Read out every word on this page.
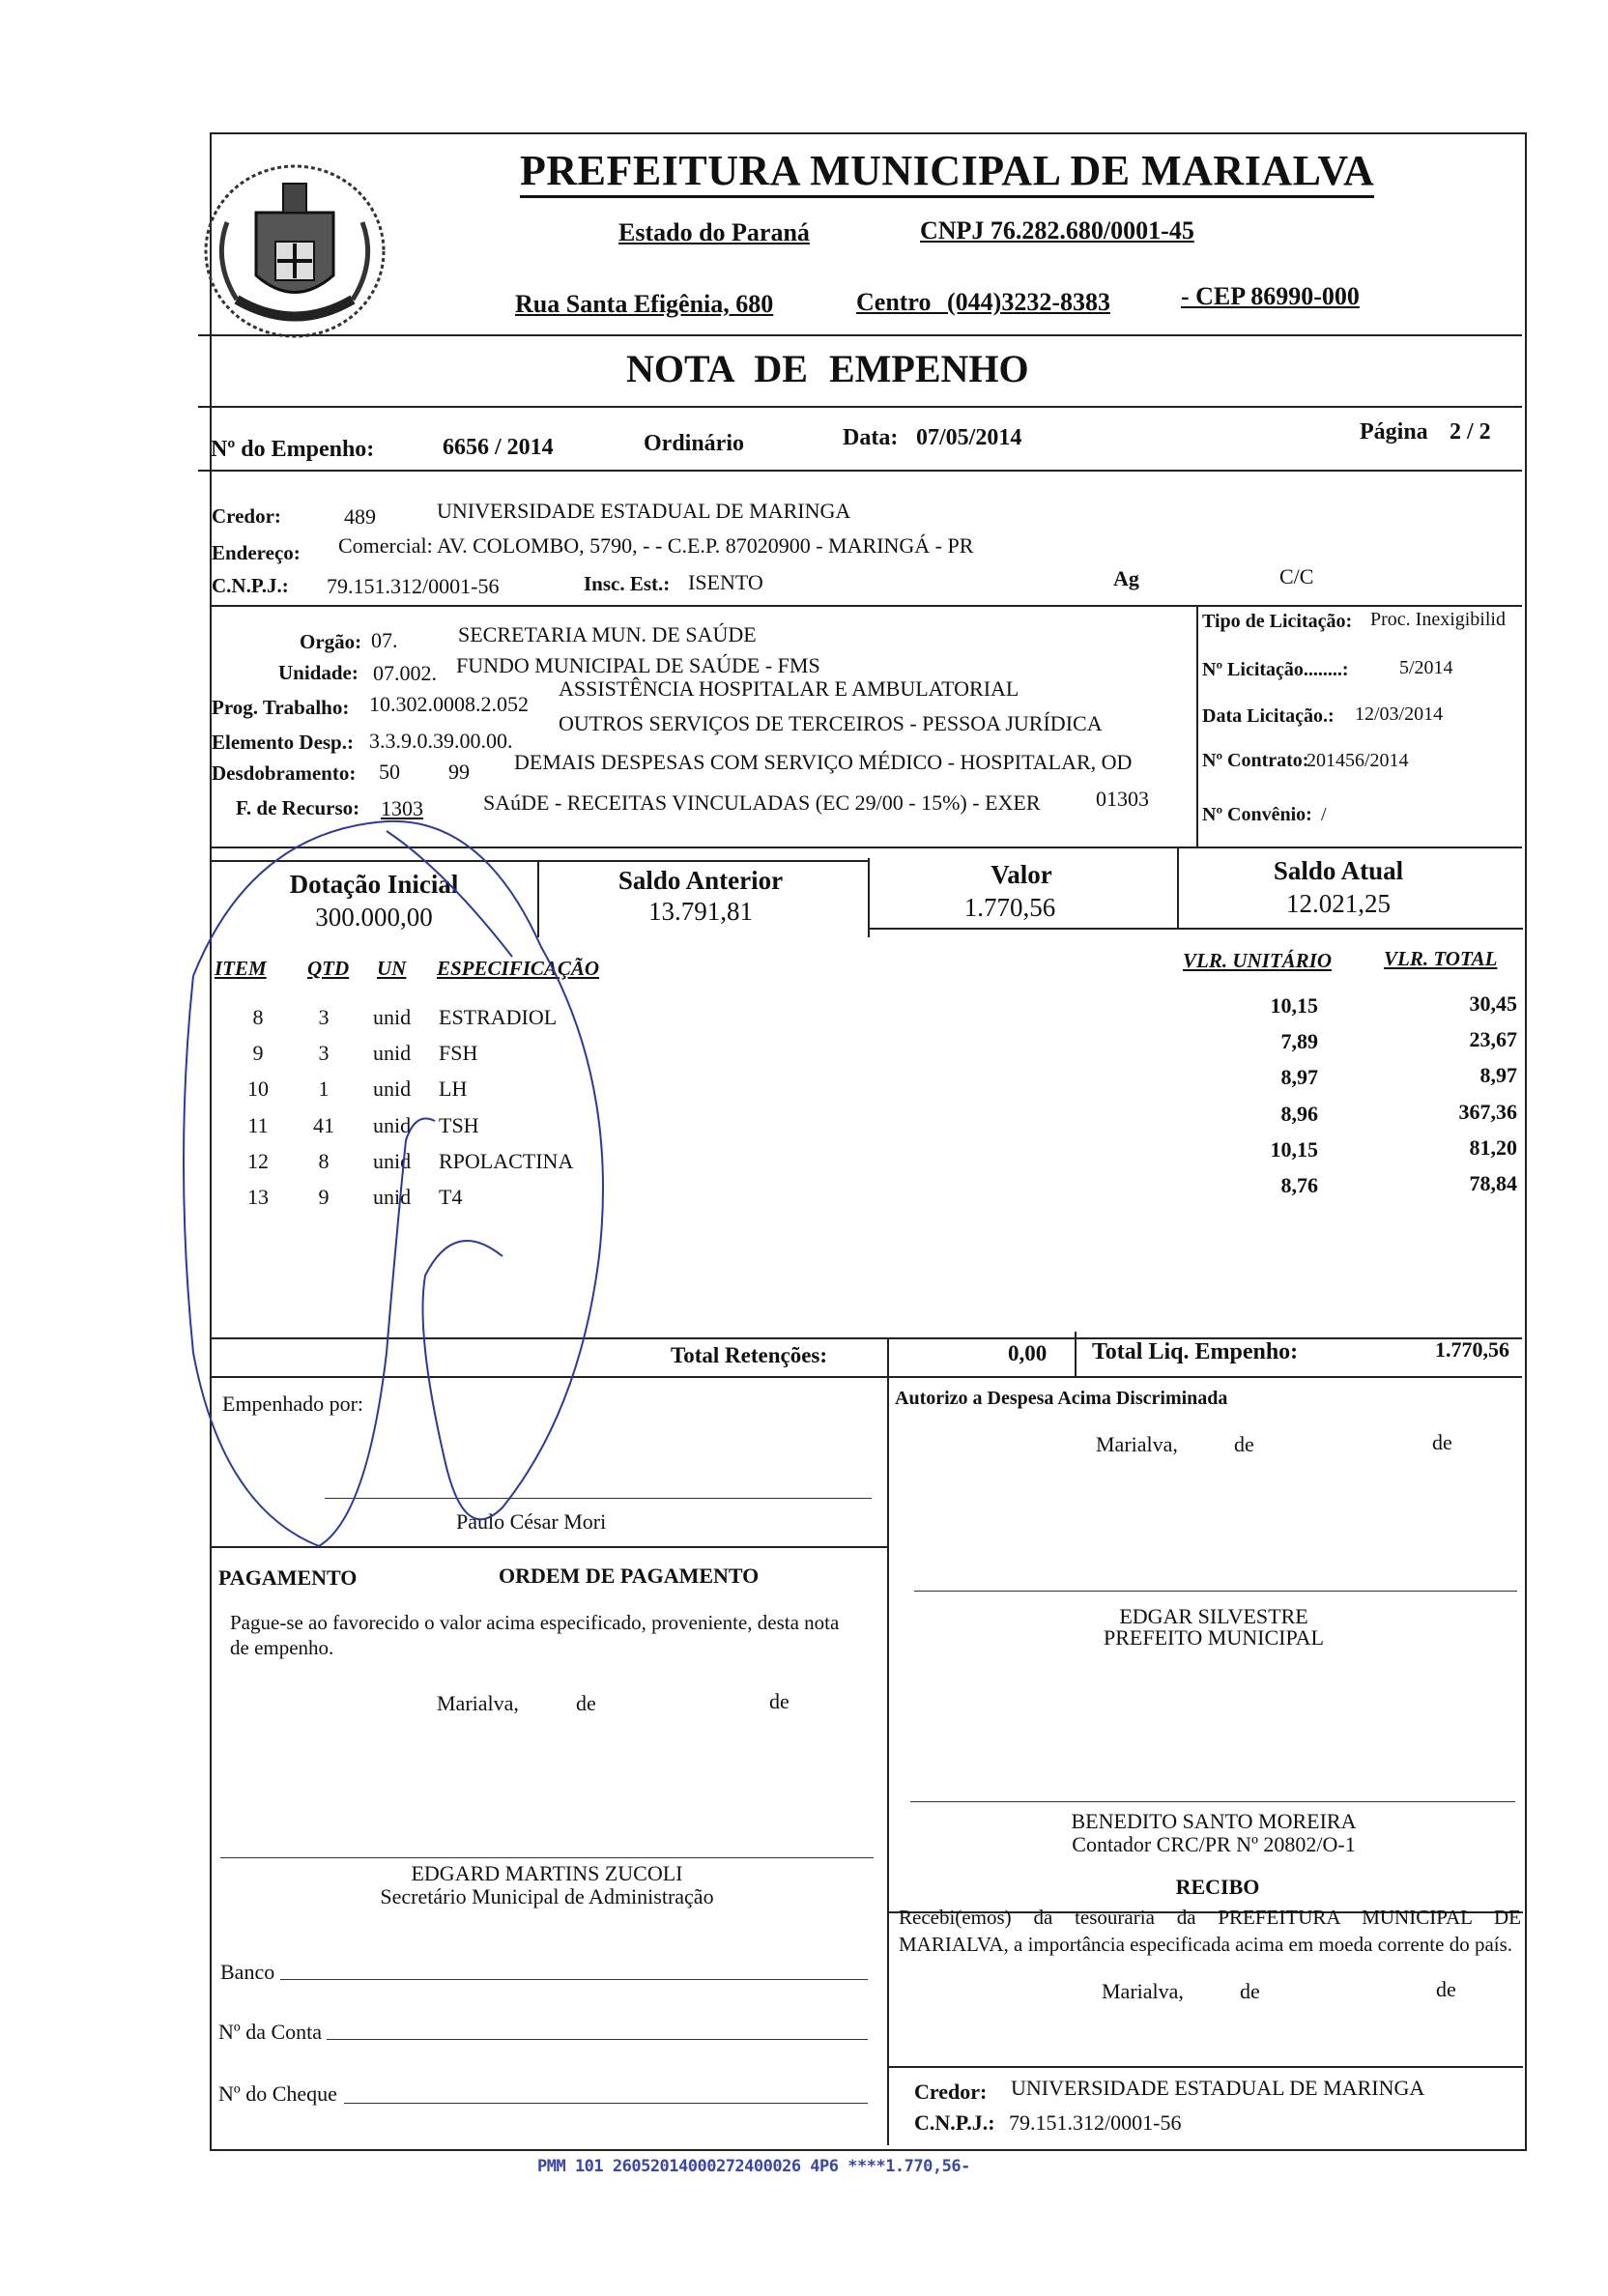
PREFEITURA MUNICIPAL DE MARIALVA
Estado do Paraná	CNPJ 76.282.680/0001-45
Rua Santa Efigênia, 680	Centro (044)3232-8383	- CEP 86990-000
NOTA DE EMPENHO
Nº do Empenho:	6656 / 2014	Ordinário	Data: 07/05/2014	Página 2 / 2
Credor:	489	UNIVERSIDADE ESTADUAL DE MARINGA
Endereço: Comercial: AV. COLOMBO, 5790, - - C.E.P. 87020900 - MARINGÁ - PR
C.N.P.J.: 79.151.312/0001-56	Insc. Est.: ISENTO	Ag	C/C
Orgão: 07.	SECRETARIA MUN. DE SAÚDE
Unidade: 07.002. FUNDO MUNICIPAL DE SAÚDE - FMS
Prog. Trabalho: 10.302.0008.2.052
ASSISTÊNCIA HOSPITALAR E AMBULATORIAL
Elemento Desp.: 3.3.9.0.39.00.00.
OUTROS SERVIÇOS DE TERCEIROS - PESSOA JURÍDICA
Desdobramento: 50 99 DEMAIS DESPESAS COM SERVIÇO MÉDICO - HOSPITALAR, OD
F. de Recurso: 1303	SAúDE - RECEITAS VINCULADAS (EC 29/00 - 15%) - EXER	01303
Tipo de Licitação: Proc. Inexigibilid
Nº Licitação........:	5/2014
Data Licitação.: 12/03/2014
Nº Contrato:
201456/2014
Nº Convênio: /
Dotação Inicial
300.000,00
Saldo Anterior
13.791,81
Valor
1.770,56
Saldo Atual
12.021,25
ITEM QTD UN ESPECIFICAÇÃO	VLR. UNITÁRIO	VLR. TOTAL
8	3	unid ESTRADIOL	10,15	30,45
9	3	unid FSH	7,89	23,67
10	1	unid LH	8,97	8,97
11 41 unid TSH	8,96	367,36
12	8	unid RPOLACTINA	10,15	81,20
13	9	unid T4	8,76	78,84
Total Retenções:	0,00 Total Liq. Empenho:	1.770,56
Empenhado por:
Paulo César Mori
Autorizo a Despesa Acima Discriminada
Marialva,	de	de
EDGAR SILVESTRE
PREFEITO MUNICIPAL
PAGAMENTO	ORDEM DE PAGAMENTO
Pague-se ao favorecido o valor acima especificado, proveniente, desta nota de empenho.
Marialva,	de	de
EDGARD MARTINS ZUCOLI
Secretário Municipal de Administração
BENEDITO SANTO MOREIRA
Contador CRC/PR Nº 20802/O-1
RECIBO
Recebi(emos) da tesouraria da PREFEITURA MUNICIPAL DE MARIALVA, a importância especificada acima em moeda corrente do país.
Marialva,	de	de
Credor: UNIVERSIDADE ESTADUAL DE MARINGA
C.N.P.J.: 79.151.312/0001-56
Banco
Nº da Conta
Nº do Cheque
PMM 101 26052014000272400026 4P6 ****1.770,56-
